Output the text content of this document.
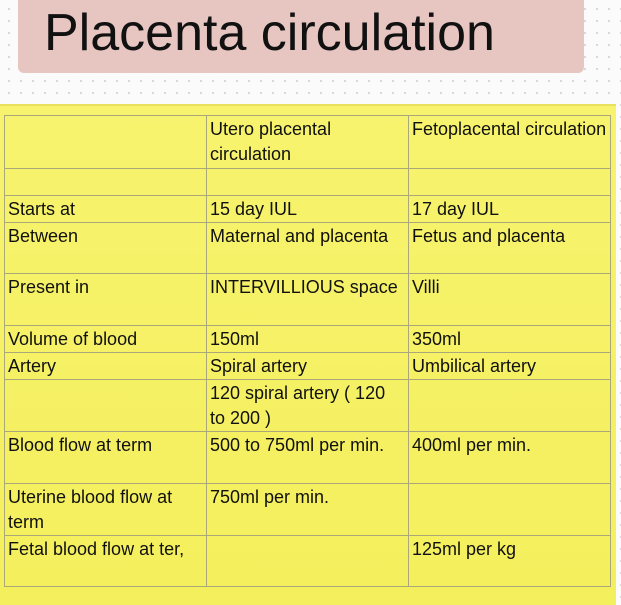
Placenta circulation
	Utero placental circulation	Fetoplacental circulation

Starts at	15 day IUL	17 day IUL
Between	Maternal and placenta	Fetus and placenta
Present in	INTERVILLIOUS space	Villi
Volume of blood	150ml	350ml
Artery	Spiral artery	Umbilical artery
	120 spiral artery ( 120 to 200 )	
Blood flow at term	500 to 750ml per min.	400ml per min.
Uterine blood flow at term	750ml per min.	
Fetal blood flow at ter,		125ml per kg
